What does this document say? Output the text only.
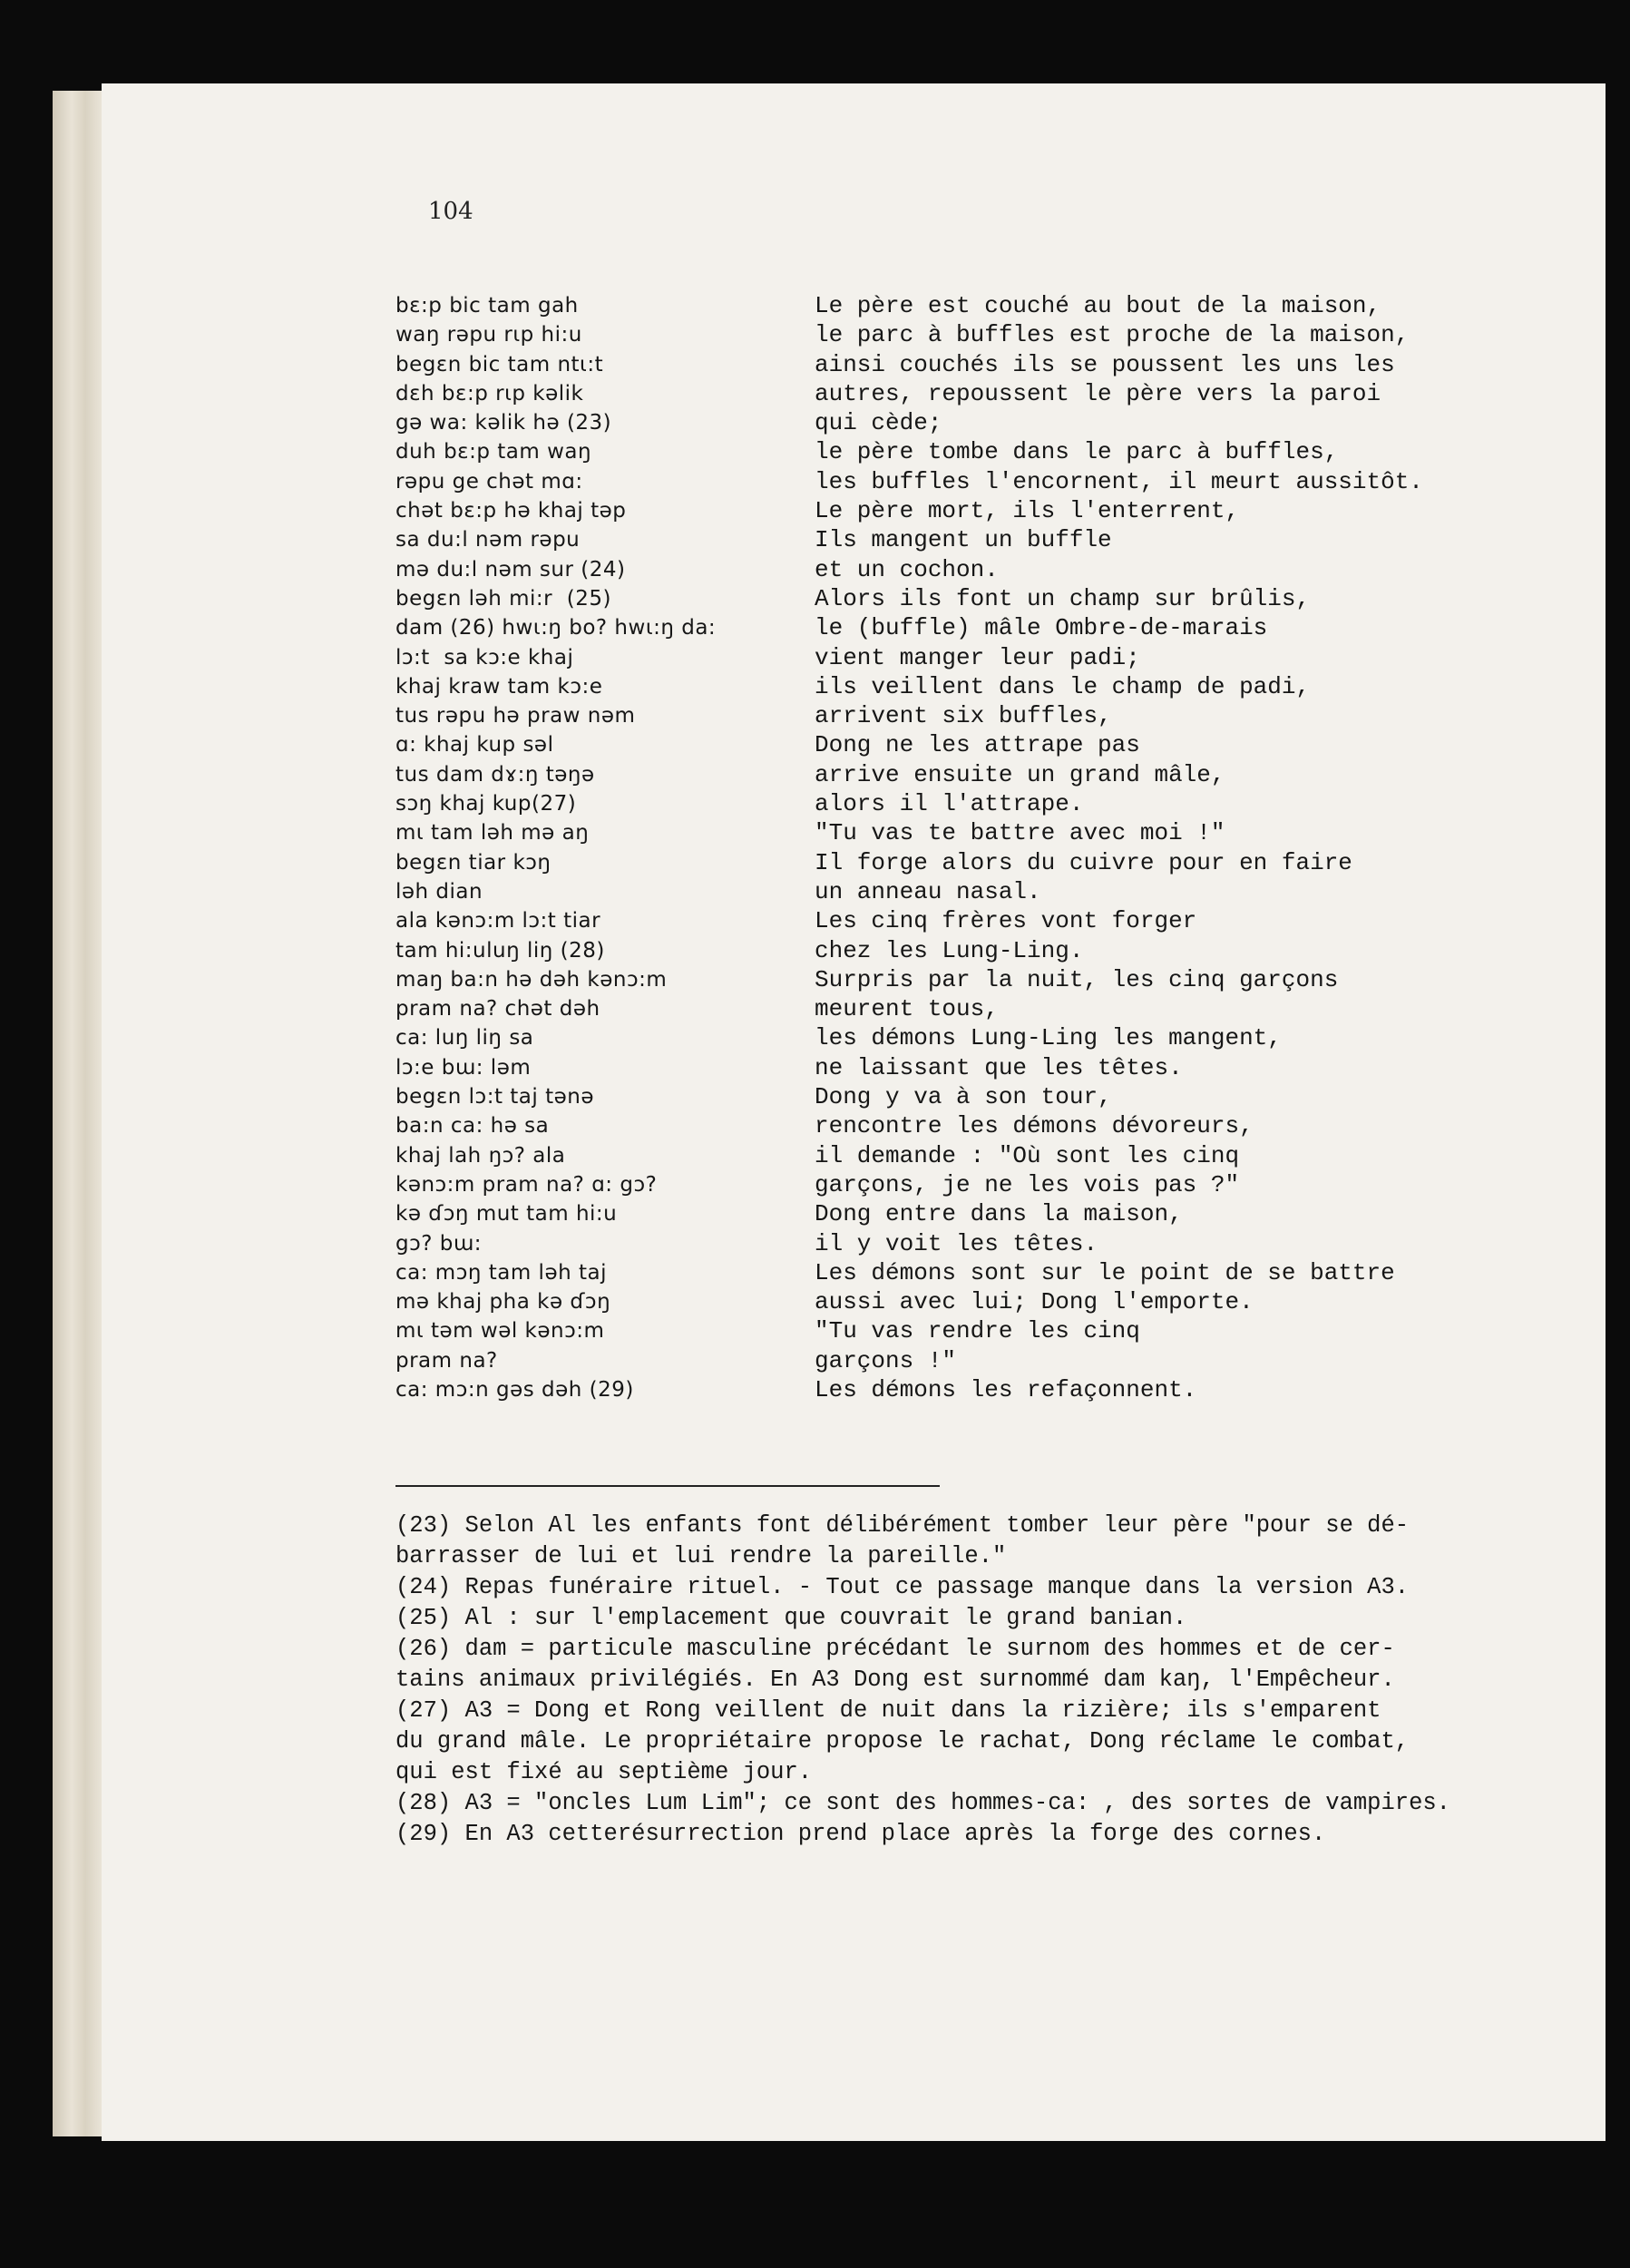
104
bɛ:p bic tam gah	Le père est couché au bout de la maison,
waŋ rəpu rɩp hi:u	le parc à buffles est proche de la maison,
begɛn bic tam ntɩ:t	ainsi couchés ils se poussent les uns les
dɛh bɛ:p rɩp kəlik	autres, repoussent le père vers la paroi
gə wa: kəlik hə (23)	qui cède;
duh bɛ:p tam waŋ	le père tombe dans le parc à buffles,
rəpu ge chət mɑ:	les buffles l'encornent, il meurt aussitôt.
chət bɛ:p hə khaj təp	Le père mort, ils l'enterrent,
sa du:l nəm rəpu	Ils mangent un buffle
mə du:l nəm sur (24)	et un cochon.
begɛn ləh mi:r  (25)	Alors ils font un champ sur brûlis,
dam (26) hwɩ:ŋ bo? hwɩ:ŋ da:	le (buffle) mâle Ombre-de-marais
lɔ:t  sa kɔ:e khaj	vient manger leur padi;
khaj kraw tam kɔ:e	ils veillent dans le champ de padi,
tus rəpu hə praw nəm	arrivent six buffles,
ɑ: khaj kup səl	Dong ne les attrape pas
tus dam dɤ:ŋ təŋə	arrive ensuite un grand mâle,
sɔŋ khaj kup(27)	alors il l'attrape.
mɩ tam ləh mə aŋ	"Tu vas te battre avec moi !"
begɛn tiar kɔŋ	Il forge alors du cuivre pour en faire
ləh dian	un anneau nasal.
ala kənɔ:m lɔ:t tiar	Les cinq frères vont forger
tam hi:uluŋ liŋ (28)	chez les Lung-Ling.
maŋ ba:n hə dəh kənɔ:m	Surpris par la nuit, les cinq garçons
pram na? chət dəh	meurent tous,
ca: luŋ liŋ sa	les démons Lung-Ling les mangent,
lɔ:e bɯ: ləm	ne laissant que les têtes.
begɛn lɔ:t taj tənə	Dong y va à son tour,
ba:n ca: hə sa	rencontre les démons dévoreurs,
khaj lah ŋɔ? ala	il demande : "Où sont les cinq
kənɔ:m pram na? ɑ: gɔ?	garçons, je ne les vois pas ?"
kə ɗɔŋ mut tam hi:u	Dong entre dans la maison,
gɔ? bɯ:	il y voit les têtes.
ca: mɔŋ tam ləh taj	Les démons sont sur le point de se battre
mə khaj pha kə ɗɔŋ	aussi avec lui; Dong l'emporte.
mɩ təm wəl kənɔ:m	"Tu vas rendre les cinq
pram na?	garçons !"
ca: mɔ:n gəs dəh (29)	Les démons les refaçonnent.
(23) Selon Al les enfants font délibérément tomber leur père "pour se dé-
barrasser de lui et lui rendre la pareille."
(24) Repas funéraire rituel. - Tout ce passage manque dans la version A3.
(25) Al : sur l'emplacement que couvrait le grand banian.
(26) dam = particule masculine précédant le surnom des hommes et de cer-
tains animaux privilégiés. En A3 Dong est surnommé dam kaŋ, l'Empêcheur.
(27) A3 = Dong et Rong veillent de nuit dans la rizière; ils s'emparent
du grand mâle. Le propriétaire propose le rachat, Dong réclame le combat,
qui est fixé au septième jour.
(28) A3 = "oncles Lum Lim"; ce sont des hommes-ca: , des sortes de vampires.
(29) En A3 cetterésurrection prend place après la forge des cornes.
